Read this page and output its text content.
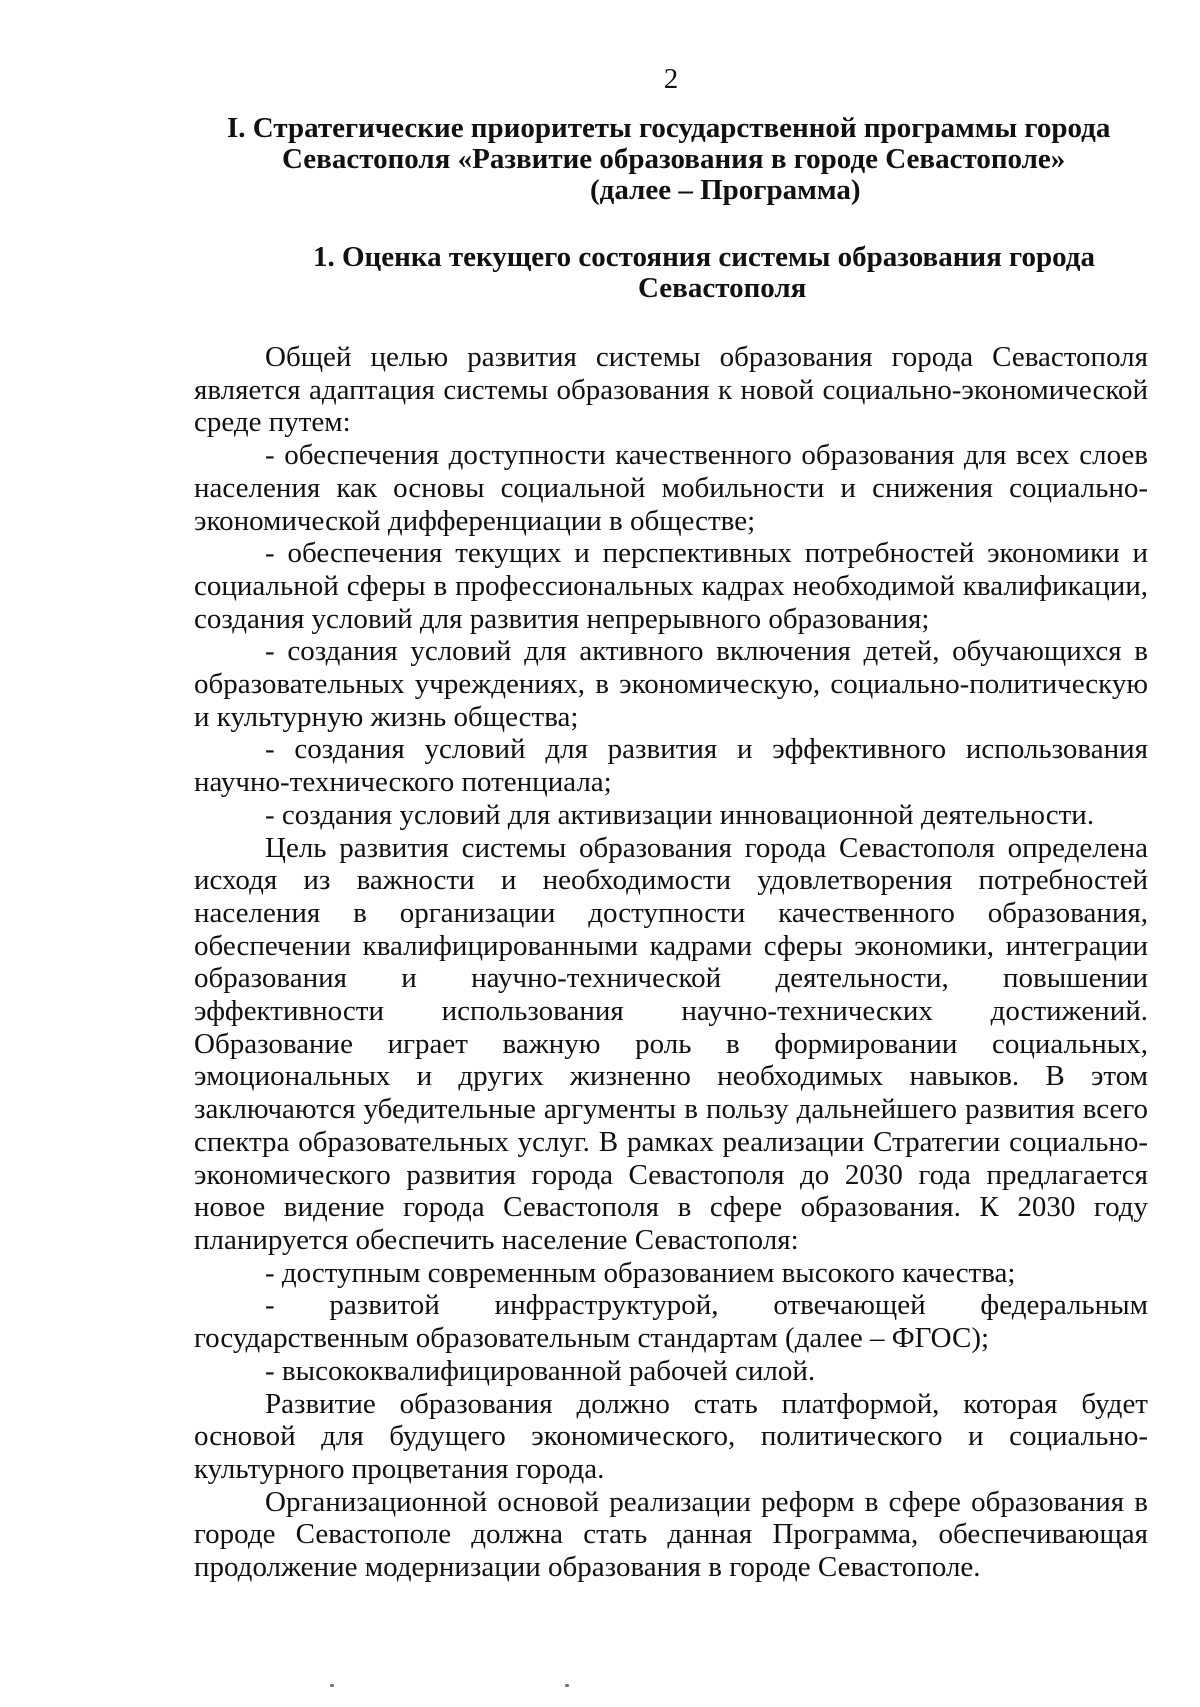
2
I. Стратегические приоритеты государственной программы города
Севастополя «Развитие образования в городе Севастополе»
(далее – Программа)
1. Оценка текущего состояния системы образования города
Севастополя

Общей целью развития системы образования города Севастополя является адаптация системы образования к новой социально-экономической среде путем:

- обеспечения доступности качественного образования для всех слоев населения как основы социальной мобильности и снижения социально-экономической дифференциации в обществе;

- обеспечения текущих и перспективных потребностей экономики и социальной сферы в профессиональных кадрах необходимой квалификации, создания условий для развития непрерывного образования;

- создания условий для активного включения детей, обучающихся в образовательных учреждениях, в экономическую, социально-политическую и культурную жизнь общества;

- создания условий для развития и эффективного использования научно-технического потенциала;

- создания условий для активизации инновационной деятельности.

Цель развития системы образования города Севастополя определена исходя из важности и необходимости удовлетворения потребностей населения в организации доступности качественного образования, обеспечении квалифицированными кадрами сферы экономики, интеграции образования и научно-технической деятельности, повышении эффективности использования научно-технических достижений. Образование играет важную роль в формировании социальных, эмоциональных и других жизненно необходимых навыков. В этом заключаются убедительные аргументы в пользу дальнейшего развития всего спектра образовательных услуг. В рамках реализации Стратегии социально-экономического развития города Севастополя до 2030 года предлагается новое видение города Севастополя в сфере образования. К 2030 году планируется обеспечить население Севастополя:

- доступным современным образованием высокого качества;

- развитой инфраструктурой, отвечающей федеральным государственным образовательным стандартам (далее – ФГОС);

- высококвалифицированной рабочей силой.

Развитие образования должно стать платформой, которая будет основой для будущего экономического, политического и социально-культурного процветания города.

Организационной основой реализации реформ в сфере образования в городе Севастополе должна стать данная Программа, обеспечивающая продолжение модернизации образования в городе Севастополе.
